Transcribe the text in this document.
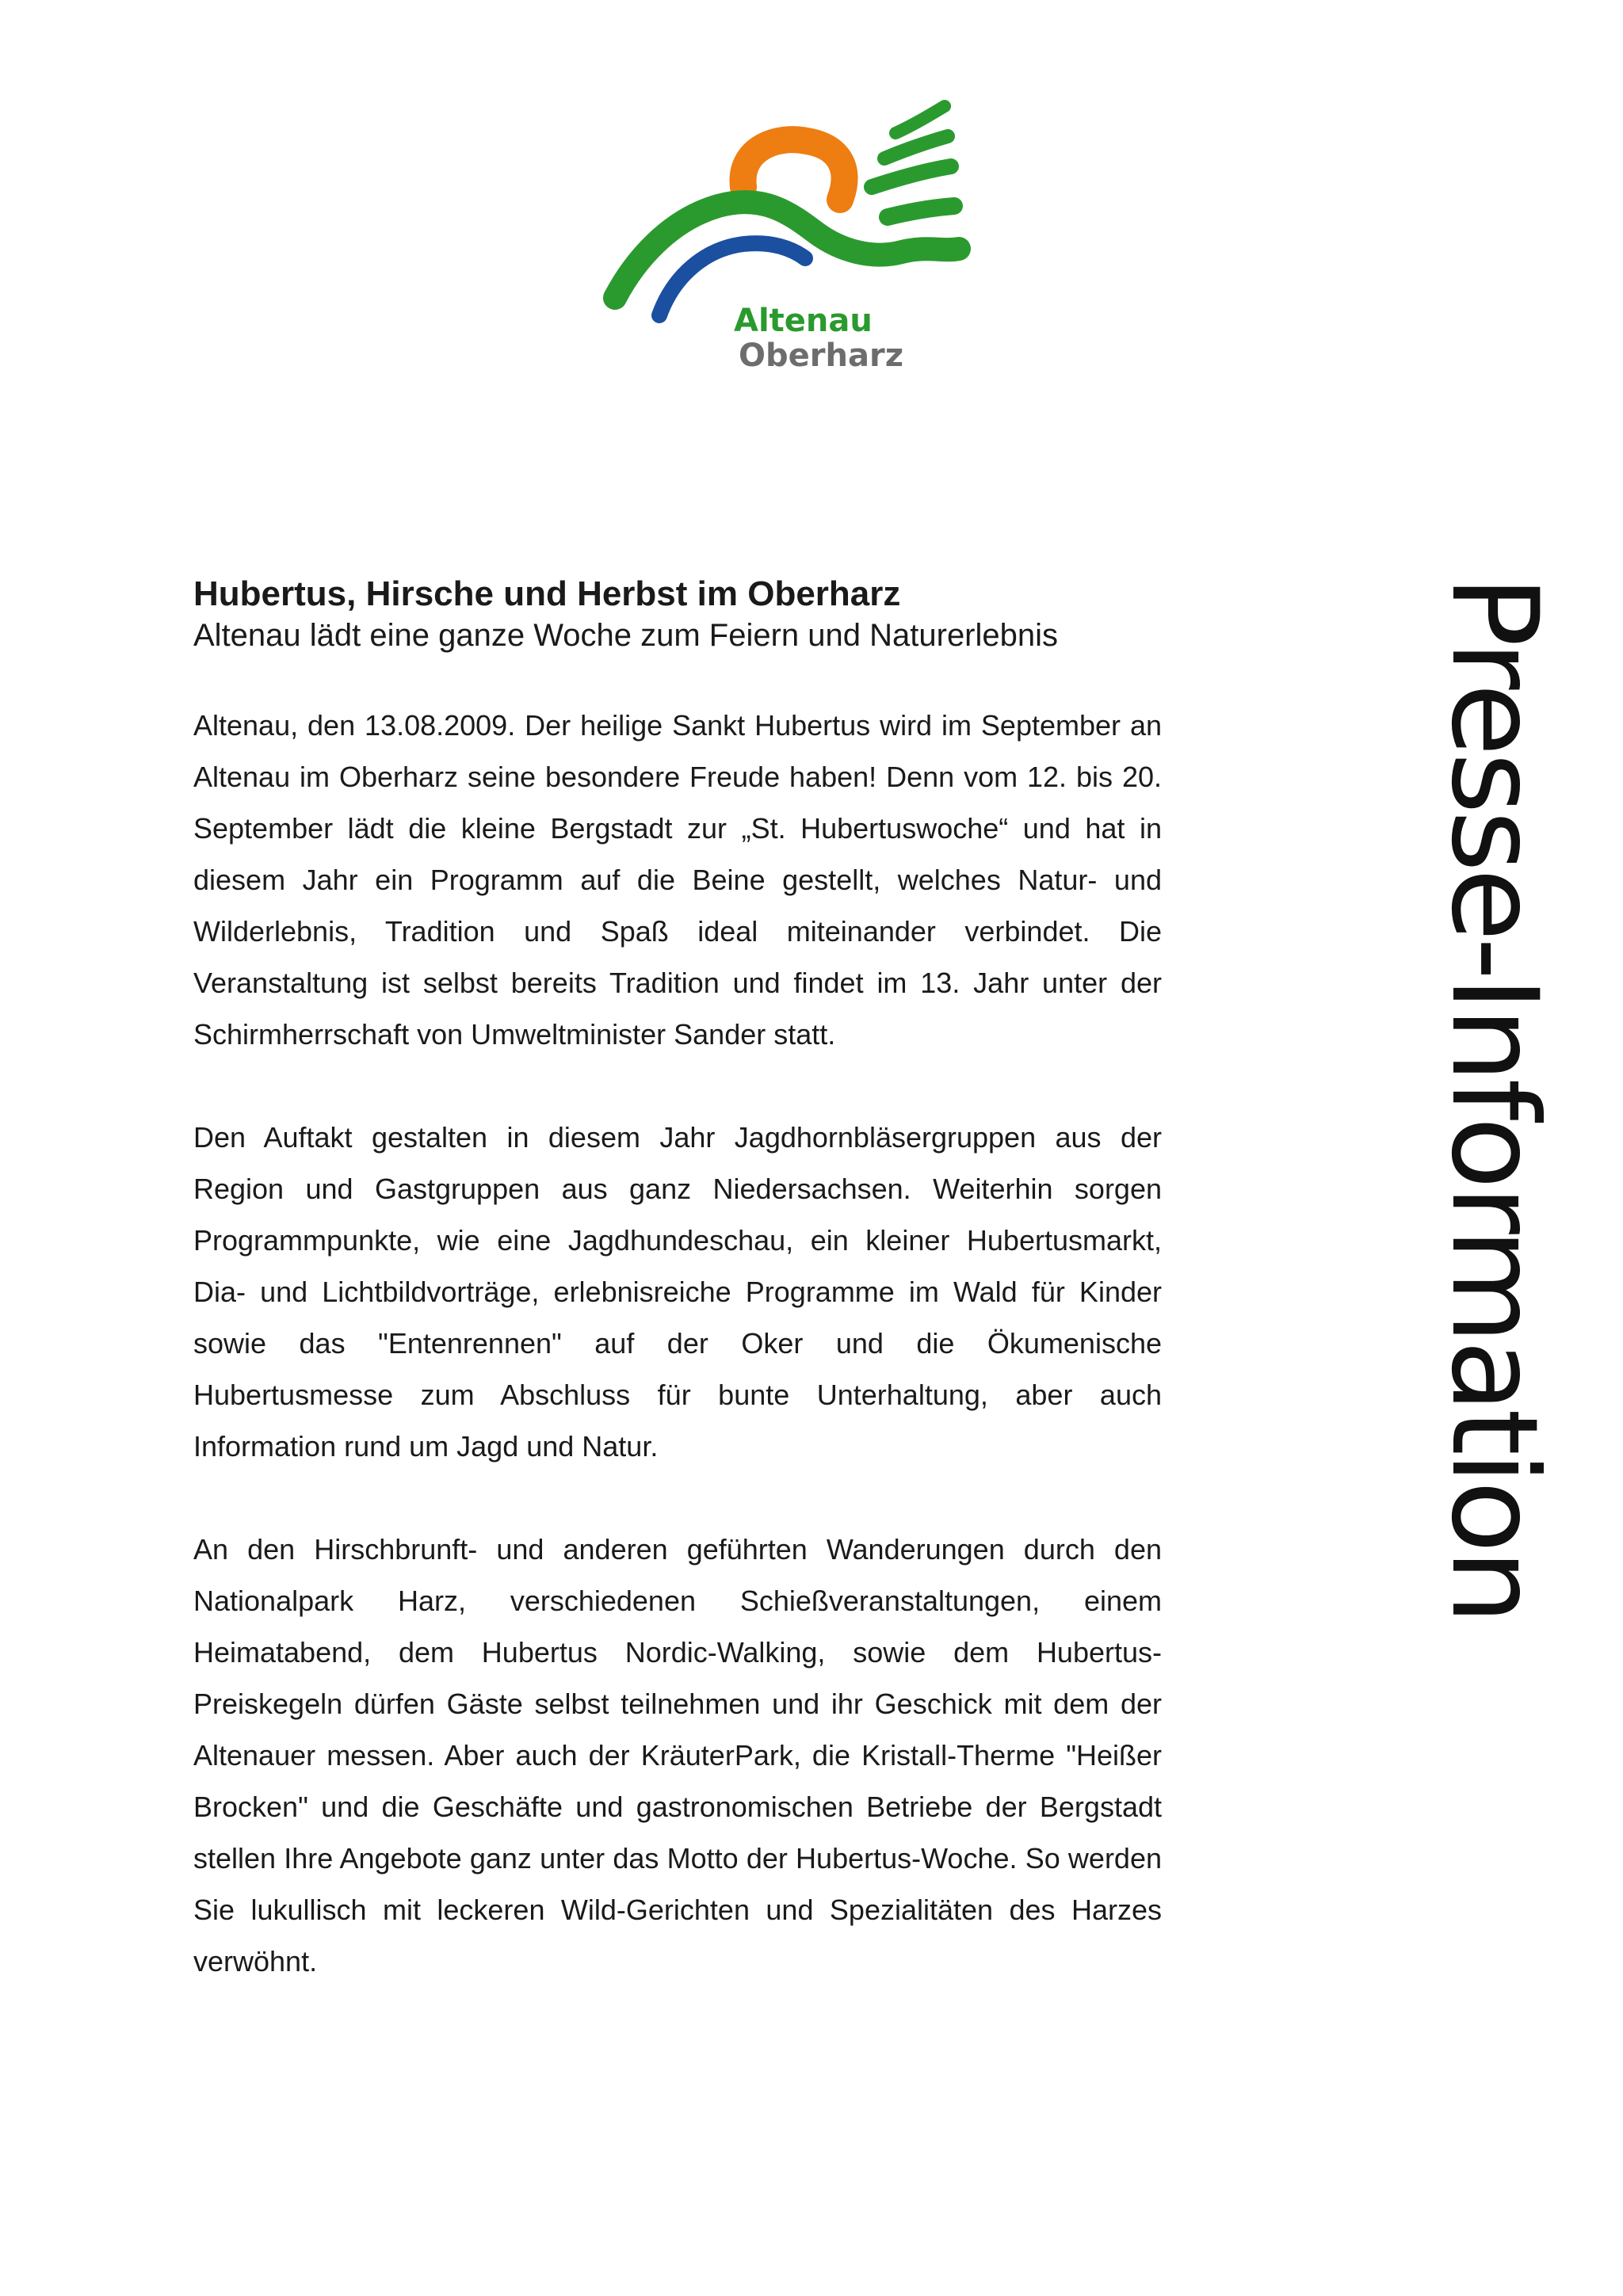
Altenau
Oberharz
Hubertus, Hirsche und Herbst im Oberharz
Altenau lädt eine ganze Woche zum Feiern und Naturerlebnis

Altenau, den 13.08.2009. Der heilige Sankt Hubertus wird im September an Altenau im Oberharz seine besondere Freude haben! Denn vom 12. bis 20. September lädt die kleine Bergstadt zur „St. Hubertuswoche“ und hat in diesem Jahr ein Programm auf die Beine gestellt, welches Natur- und Wilderlebnis, Tradition und Spaß ideal miteinander verbindet. Die Veranstaltung ist selbst bereits Tradition und findet im 13. Jahr unter der Schirmherrschaft von Umweltminister Sander statt.

Den Auftakt gestalten in diesem Jahr Jagdhornbläsergruppen aus der Region und Gastgruppen aus ganz Niedersachsen. Weiterhin sorgen Programmpunkte, wie eine Jagdhundeschau, ein kleiner Hubertusmarkt, Dia- und Lichtbildvorträge, erlebnisreiche Programme im Wald für Kinder sowie das "Entenrennen" auf der Oker und die Ökumenische Hubertusmesse zum Abschluss für bunte Unterhaltung, aber auch Information rund um Jagd und Natur.

An den Hirschbrunft- und anderen geführten Wanderungen durch den Nationalpark Harz, verschiedenen Schießveranstaltungen, einem Heimatabend, dem Hubertus Nordic-Walking, sowie dem Hubertus-Preiskegeln dürfen Gäste selbst teilnehmen und ihr Geschick mit dem der Altenauer messen. Aber auch der KräuterPark, die Kristall-Therme "Heißer Brocken" und die Geschäfte und gastronomischen Betriebe der Bergstadt stellen Ihre Angebote ganz unter das Motto der Hubertus-Woche. So werden Sie lukullisch mit leckeren Wild-Gerichten und Spezialitäten des Harzes verwöhnt.

Presse-Information
